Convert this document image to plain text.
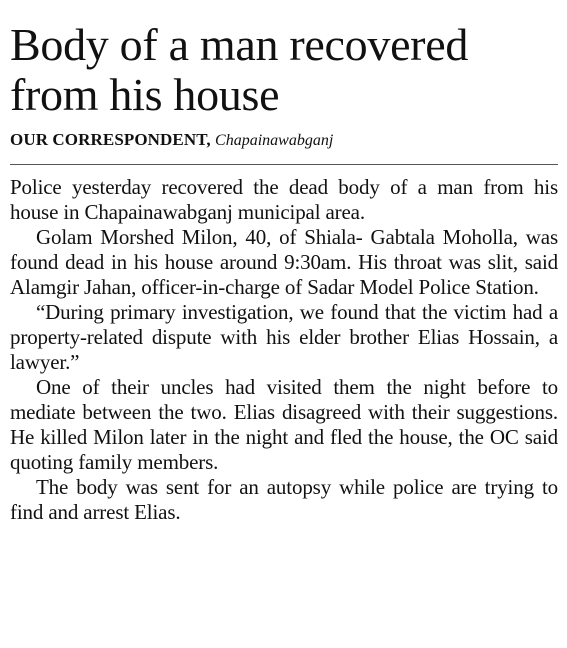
Body of a man recovered from his house
OUR CORRESPONDENT, Chapainawabganj

Police yesterday recovered the dead body of a man from his house in Chapainawabganj municipal area.

Golam Morshed Milon, 40, of Shiala- Gabtala Moholla, was found dead in his house around 9:30am. His throat was slit, said Alamgir Jahan, officer-in-charge of Sadar Model Police Station.

“During primary investigation, we found that the victim had a property-related dispute with his elder brother Elias Hossain, a lawyer.”

One of their uncles had visited them the night before to mediate between the two. Elias disagreed with their suggestions. He killed Milon later in the night and fled the house, the OC said quoting family members.

The body was sent for an autopsy while police are trying to find and arrest Elias.
